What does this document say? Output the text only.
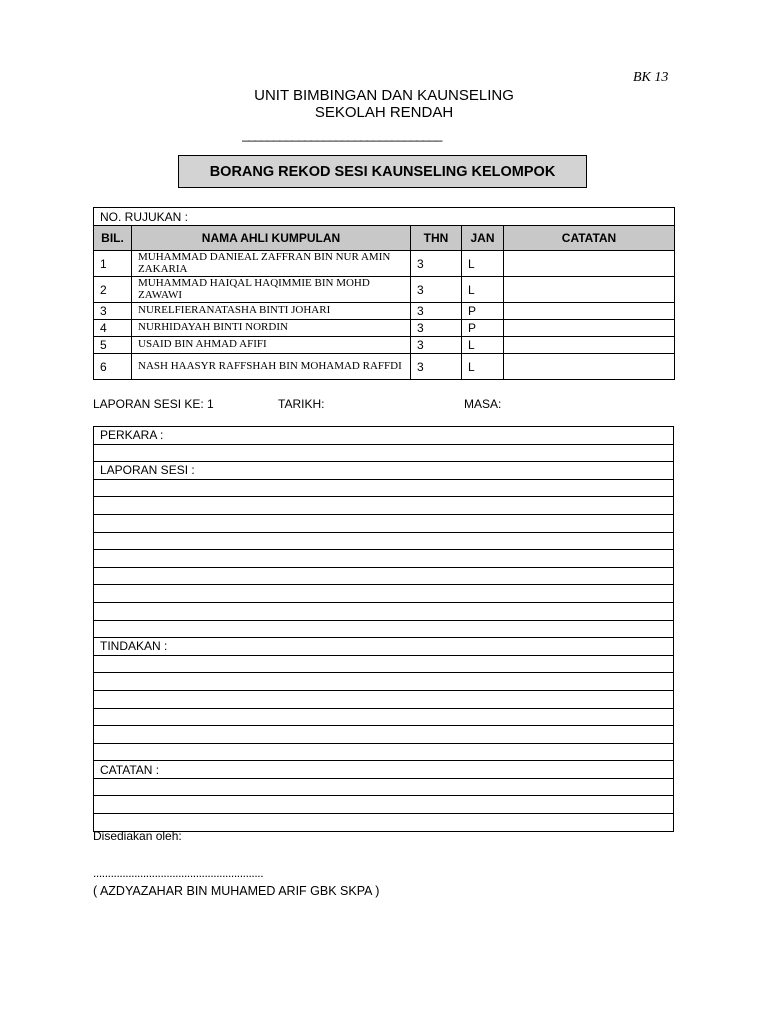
BK 13
UNIT BIMBINGAN DAN KAUNSELING
SEKOLAH RENDAH
________________________________
BORANG REKOD SESI KAUNSELING KELOMPOK
NO. RUJUKAN :				
BIL.	NAMA AHLI KUMPULAN	THN	JAN	CATATAN
1	MUHAMMAD DANIEAL ZAFFRAN BIN NUR AMIN ZAKARIA	3	L	
2	MUHAMMAD HAIQAL HAQIMMIE BIN MOHD ZAWAWI	3	L	
3	NURELFIERANATASHA BINTI JOHARI	3	P	
4	NURHIDAYAH BINTI NORDIN	3	P	
5	USAID BIN AHMAD AFIFI	3	L	
6	NASH HAASYR RAFFSHAH BIN MOHAMAD RAFFDI	3	L	
LAPORAN SESI KE: 1	TARIKH:	MASA:
PERKARA :

LAPORAN SESI :

TINDAKAN :

CATATAN :

Disediakan oleh:
..........................................................
( AZDYAZAHAR BIN MUHAMED ARIF GBK SKPA )
